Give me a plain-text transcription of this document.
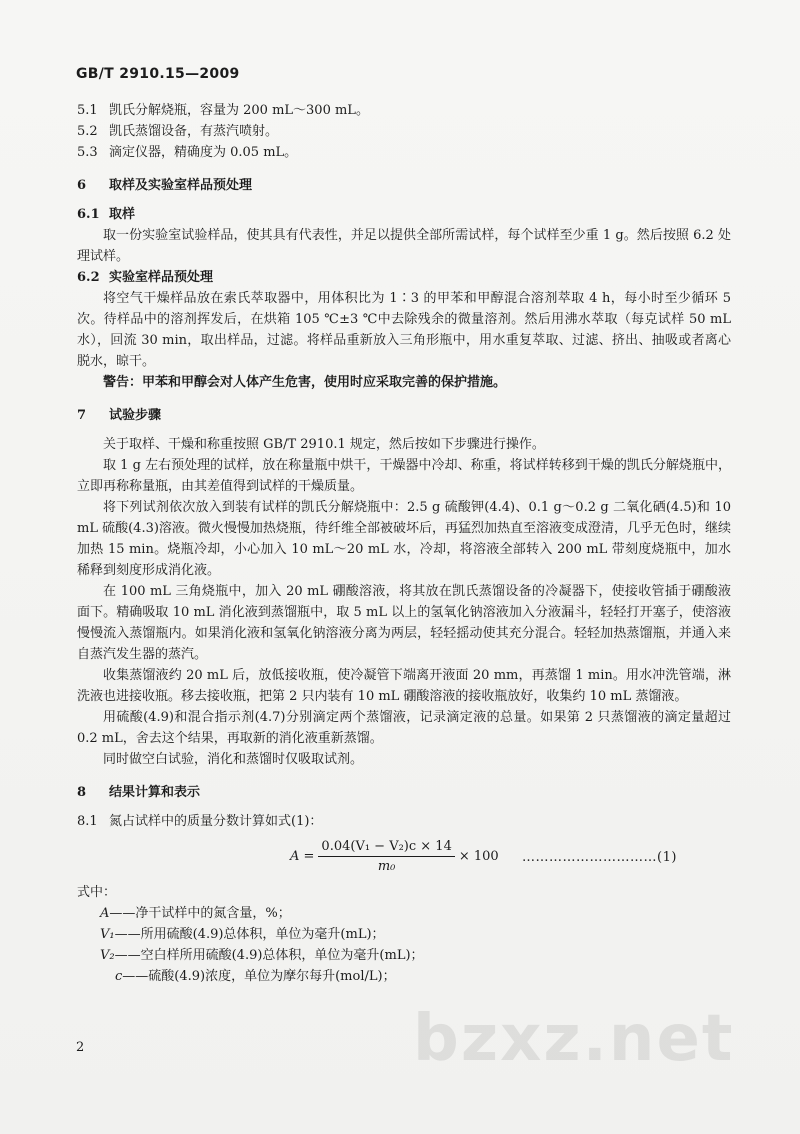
GB/T 2910.15—2009
5.1 凯氏分解烧瓶，容量为 200 mL～300 mL。
5.2 凯氏蒸馏设备，有蒸汽喷射。
5.3 滴定仪器，精确度为 0.05 mL。
6 取样及实验室样品预处理
6.1 取样

取一份实验室试验样品，使其具有代表性，并足以提供全部所需试样，每个试样至少重 1 g。然后按照 6.2 处理试样。

6.2 实验室样品预处理

将空气干燥样品放在索氏萃取器中，用体积比为 1∶3 的甲苯和甲醇混合溶剂萃取 4 h，每小时至少循环 5 次。待样品中的溶剂挥发后，在烘箱 105 ℃±3 ℃中去除残余的微量溶剂。然后用沸水萃取（每克试样 50 mL 水），回流 30 min，取出样品，过滤。将样品重新放入三角形瓶中，用水重复萃取、过滤、挤出、抽吸或者离心脱水，晾干。

警告：甲苯和甲醇会对人体产生危害，使用时应采取完善的保护措施。

7 试验步骤

关于取样、干燥和称重按照 GB/T 2910.1 规定，然后按如下步骤进行操作。

取 1 g 左右预处理的试样，放在称量瓶中烘干，干燥器中冷却、称重，将试样转移到干燥的凯氏分解烧瓶中，立即再称称量瓶，由其差值得到试样的干燥质量。

将下列试剂依次放入到装有试样的凯氏分解烧瓶中：2.5 g 硫酸钾(4.4)、0.1 g～0.2 g 二氧化硒(4.5)和 10 mL 硫酸(4.3)溶液。微火慢慢加热烧瓶，待纤维全部被破坏后，再猛烈加热直至溶液变成澄清，几乎无色时，继续加热 15 min。烧瓶冷却，小心加入 10 mL～20 mL 水，冷却，将溶液全部转入 200 mL 带刻度烧瓶中，加水稀释到刻度形成消化液。

在 100 mL 三角烧瓶中，加入 20 mL 硼酸溶液，将其放在凯氏蒸馏设备的冷凝器下，使接收管插于硼酸液面下。精确吸取 10 mL 消化液到蒸馏瓶中，取 5 mL 以上的氢氧化钠溶液加入分液漏斗，轻轻打开塞子，使溶液慢慢流入蒸馏瓶内。如果消化液和氢氧化钠溶液分离为两层，轻轻摇动使其充分混合。轻轻加热蒸馏瓶，并通入来自蒸汽发生器的蒸汽。

收集蒸馏液约 20 mL 后，放低接收瓶，使冷凝管下端离开液面 20 mm，再蒸馏 1 min。用水冲洗管端，淋洗液也进接收瓶。移去接收瓶，把第 2 只内装有 10 mL 硼酸溶液的接收瓶放好，收集约 10 mL 蒸馏液。

用硫酸(4.9)和混合指示剂(4.7)分别滴定两个蒸馏液，记录滴定液的总量。如果第 2 只蒸馏液的滴定量超过 0.2 mL，舍去这个结果，再取新的消化液重新蒸馏。

同时做空白试验，消化和蒸馏时仅吸取试剂。

8 结果计算和表示
8.1 氮占试样中的质量分数计算如式(1)：
$A = \frac{\text{0.04(V₁ − V₂)c × 14}}{\text{m₀}} \times 100$ …………………………(1)
式中：
A——净干试样中的氮含量，%；
V₁——所用硫酸(4.9)总体积，单位为毫升(mL)；
V₂——空白样所用硫酸(4.9)总体积，单位为毫升(mL)；
c——硫酸(4.9)浓度，单位为摩尔每升(mol/L)；
bzxz.net
2
